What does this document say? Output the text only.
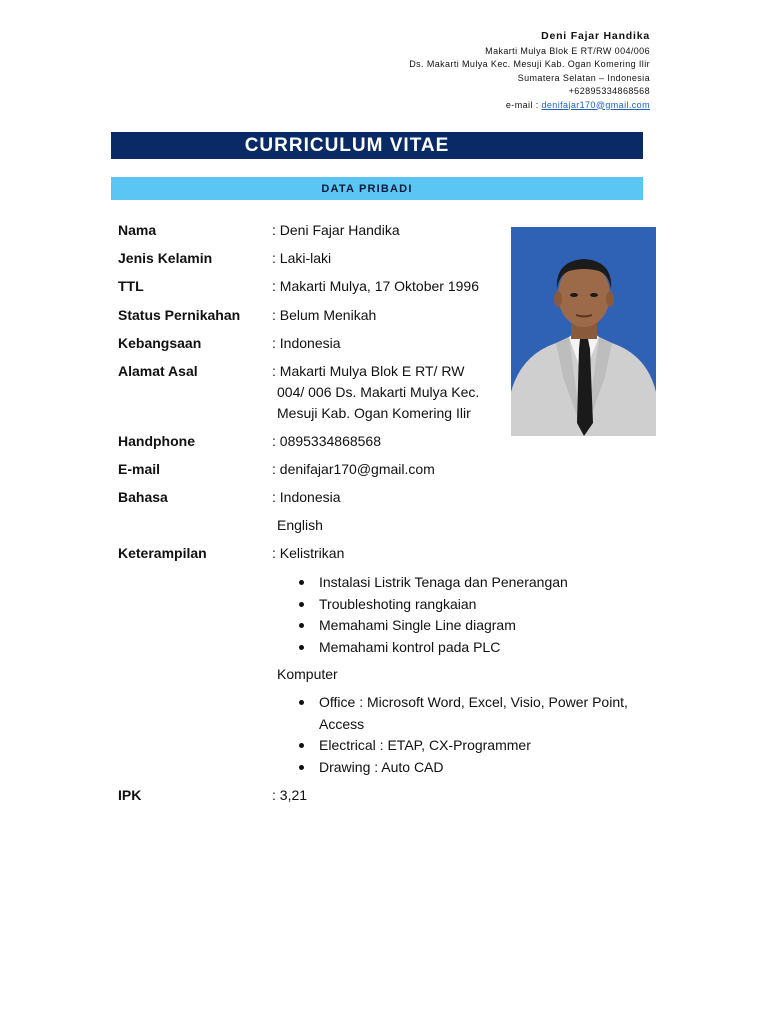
Deni Fajar Handika
Makarti Mulya Blok E RT/RW 004/006
Ds. Makarti Mulya Kec. Mesuji Kab. Ogan Komering Ilir
Sumatera Selatan – Indonesia
+62895334868568
e-mail : denifajar170@gmail.com
CURRICULUM VITAE
DATA PRIBADI
Nama	: Deni Fajar Handika
Jenis Kelamin	: Laki-laki
TTL	: Makarti Mulya, 17 Oktober 1996
Status Pernikahan	: Belum Menikah
Kebangsaan	: Indonesia
Alamat Asal	: Makarti Mulya Blok E RT/ RW
004/ 006 Ds. Makarti Mulya Kec.
Mesuji Kab. Ogan Komering Ilir
Handphone	: 0895334868568
E-mail	: denifajar170@gmail.com
Bahasa	: Indonesia
English
Keterampilan	: Kelistrikan
Instalasi Listrik Tenaga dan Penerangan
Troubleshoting rangkaian
Memahami Single Line diagram
Memahami kontrol pada PLC
Komputer
Office : Microsoft Word, Excel, Visio, Power Point, Access
Electrical : ETAP, CX-Programmer
Drawing : Auto CAD
IPK	: 3,21
